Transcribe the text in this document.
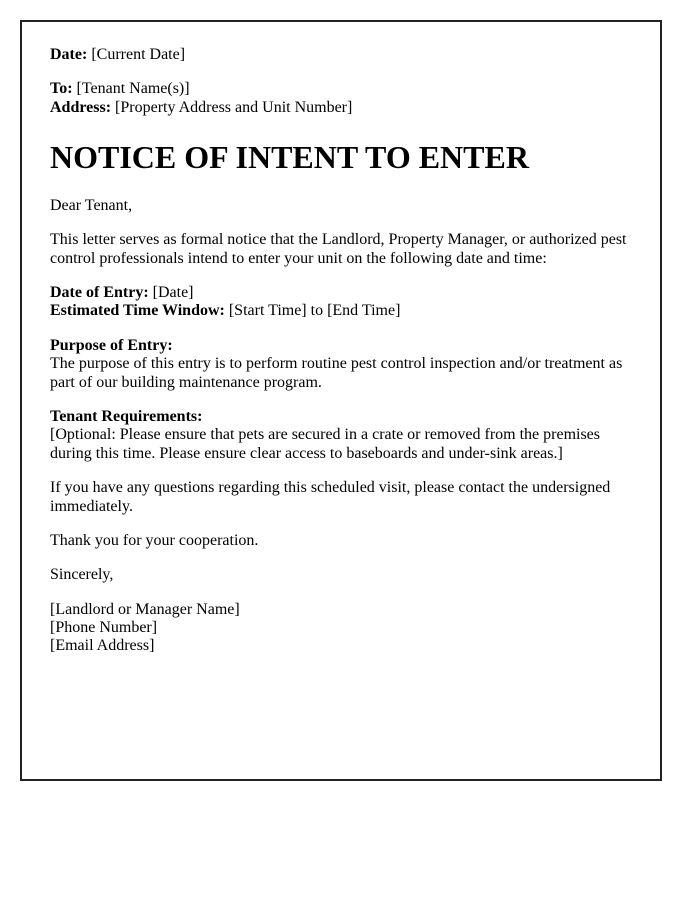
Date: [Current Date]

To: [Tenant Name(s)]
Address: [Property Address and Unit Number]

NOTICE OF INTENT TO ENTER

Dear Tenant,

This letter serves as formal notice that the Landlord, Property Manager, or authorized pest control professionals intend to enter your unit on the following date and time:

Date of Entry: [Date]
Estimated Time Window: [Start Time] to [End Time]

Purpose of Entry:
The purpose of this entry is to perform routine pest control inspection and/or treatment as part of our building maintenance program.

Tenant Requirements:
[Optional: Please ensure that pets are secured in a crate or removed from the premises during this time. Please ensure clear access to baseboards and under-sink areas.]

If you have any questions regarding this scheduled visit, please contact the undersigned immediately.

Thank you for your cooperation.

Sincerely,

[Landlord or Manager Name]
[Phone Number]
[Email Address]
